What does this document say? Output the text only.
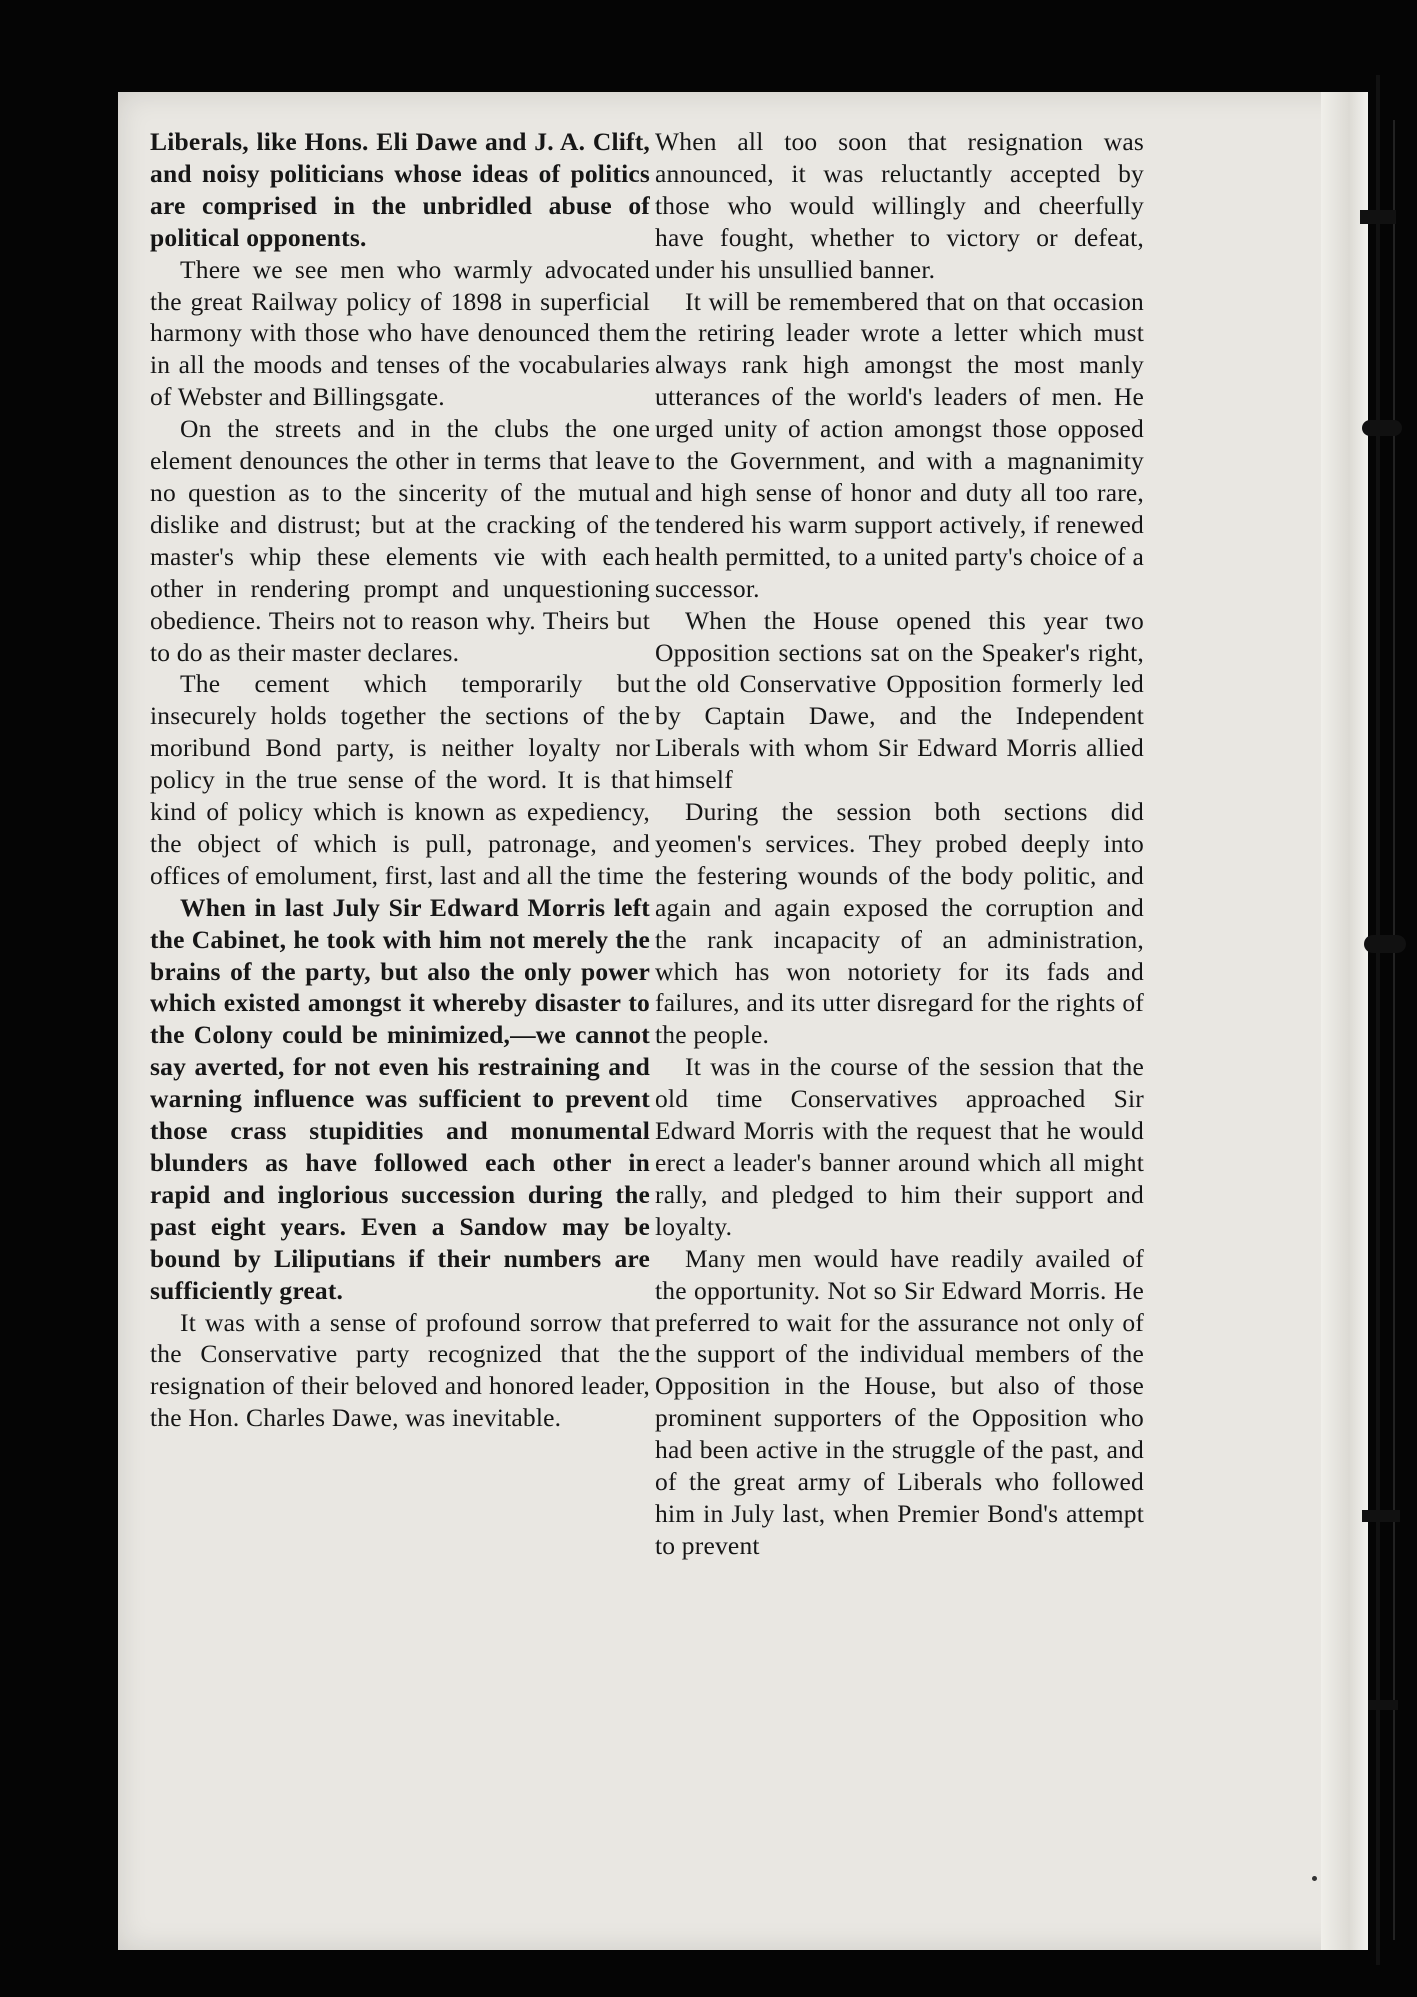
Liberals, like Hons. Eli Dawe and J. A. Clift, and noisy politicians whose ideas of politics are comprised in the unbridled abuse of political opponents.

There we see men who warmly advocated the great Railway policy of 1898 in superficial harmony with those who have denounced them in all the moods and tenses of the vocabularies of Webster and Billingsgate.

On the streets and in the clubs the one element denounces the other in terms that leave no question as to the sincerity of the mutual dislike and distrust; but at the cracking of the master's whip these elements vie with each other in rendering prompt and unquestioning obedience. Theirs not to reason why. Theirs but to do as their master declares.

The cement which temporarily but insecurely holds together the sections of the moribund Bond party, is neither loyalty nor policy in the true sense of the word. It is that kind of policy which is known as expediency, the object of which is pull, patronage, and offices of emolument, first, last and all the time

When in last July Sir Edward Morris left the Cabinet, he took with him not merely the brains of the party, but also the only power which existed amongst it whereby disaster to the Colony could be minimized,—we cannot say averted, for not even his restraining and warning influence was sufficient to prevent those crass stupidities and monumental blunders as have followed each other in rapid and inglorious succession during the past eight years. Even a Sandow may be bound by Liliputians if their numbers are sufficiently great.

It was with a sense of profound sorrow that the Conservative party recognized that the resignation of their beloved and honored leader, the Hon. Charles Dawe, was inevitable.

When all too soon that resignation was announced, it was reluctantly accepted by those who would willingly and cheerfully have fought, whether to victory or defeat, under his unsullied banner.

It will be remembered that on that occasion the retiring leader wrote a letter which must always rank high amongst the most manly utterances of the world's leaders of men. He urged unity of action amongst those opposed to the Government, and with a magnanimity and high sense of honor and duty all too rare, tendered his warm support actively, if renewed health permitted, to a united party's choice of a successor.

When the House opened this year two Opposition sections sat on the Speaker's right, the old Conservative Opposition formerly led by Captain Dawe, and the Independent Liberals with whom Sir Edward Morris allied himself

During the session both sections did yeomen's services. They probed deeply into the festering wounds of the body politic, and again and again exposed the corruption and the rank incapacity of an administration, which has won notoriety for its fads and failures, and its utter disregard for the rights of the people.

It was in the course of the session that the old time Conservatives approached Sir Edward Morris with the request that he would erect a leader's banner around which all might rally, and pledged to him their support and loyalty.

Many men would have readily availed of the opportunity. Not so Sir Edward Morris. He preferred to wait for the assurance not only of the support of the individual members of the Opposition in the House, but also of those prominent supporters of the Opposition who had been active in the struggle of the past, and of the great army of Liberals who followed him in July last, when Premier Bond's attempt to prevent
